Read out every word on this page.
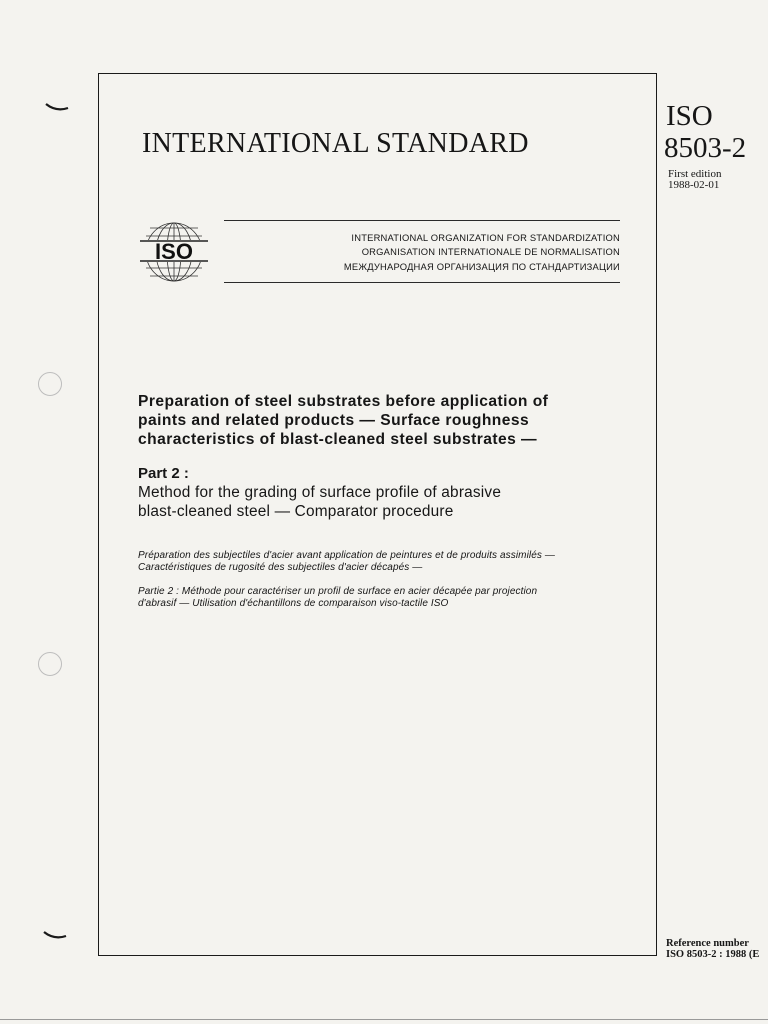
INTERNATIONAL STANDARD
ISO
8503-2
First edition
1988-02-01
ISO
INTERNATIONAL ORGANIZATION FOR STANDARDIZATION
ORGANISATION INTERNATIONALE DE NORMALISATION
МЕЖДУНАРОДНАЯ ОРГАНИЗАЦИЯ ПО СТАНДАРТИЗАЦИИ
Preparation of steel substrates before application of
paints and related products — Surface roughness
characteristics of blast-cleaned steel substrates —
Part 2 :
Method for the grading of surface profile of abrasive
blast-cleaned steel — Comparator procedure
Préparation des subjectiles d'acier avant application de peintures et de produits assimilés —
Caractéristiques de rugosité des subjectiles d'acier décapés —
Partie 2 : Méthode pour caractériser un profil de surface en acier décapée par projection
d'abrasif — Utilisation d'échantillons de comparaison viso-tactile ISO
Reference number
ISO 8503-2 : 1988 (E
